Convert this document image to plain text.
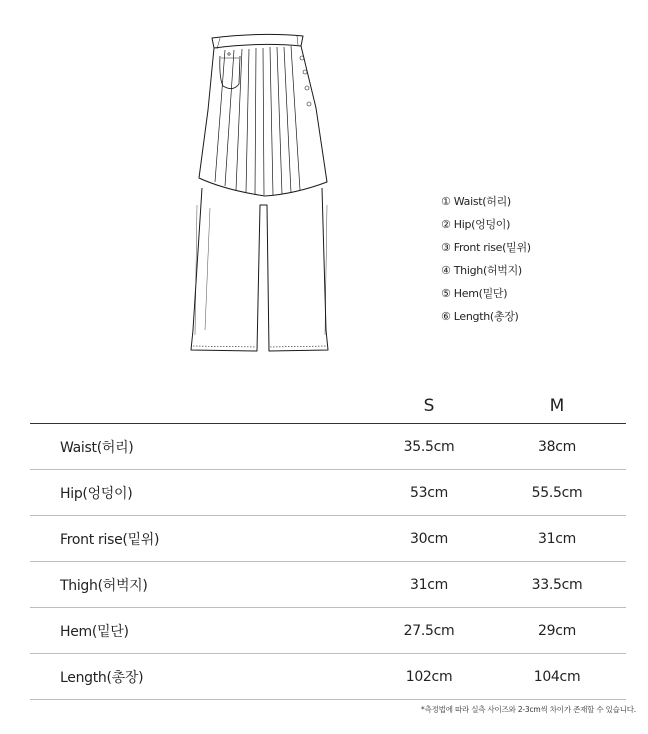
① Waist(허리)
② Hip(엉덩이)
③ Front rise(밑위)
④ Thigh(허벅지)
⑤ Hem(밑단)
⑥ Length(총장)
	S	M
Waist(허리)	35.5cm	38cm
Hip(엉덩이)	53cm	55.5cm
Front rise(밑위)	30cm	31cm
Thigh(허벅지)	31cm	33.5cm
Hem(밑단)	27.5cm	29cm
Length(총장)	102cm	104cm
*측정법에 따라 실측 사이즈와 2-3cm씩 차이가 존재할 수 있습니다.
